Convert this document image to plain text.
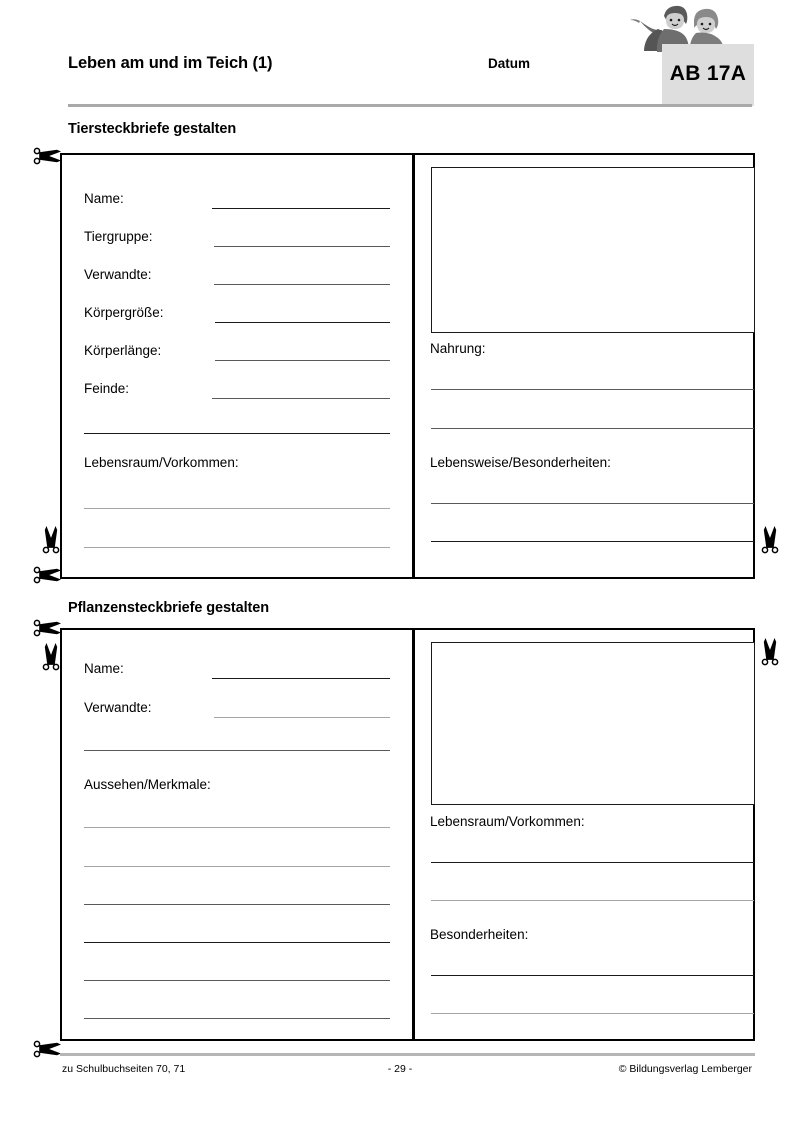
Leben am und im Teich (1)	Datum	AB 17A
Tiersteckbriefe gestalten
Name:
Tiergruppe:
Verwandte:
Körpergröße:
Körperlänge:
Feinde:
Lebensraum/Vorkommen:
Nahrung:
Lebensweise/Besonderheiten:
Pflanzensteckbriefe gestalten
Name:
Verwandte:
Aussehen/Merkmale:
Lebensraum/Vorkommen:
Besonderheiten:
zu Schulbuchseiten 70, 71	- 29 -	© Bildungsverlag Lemberger
